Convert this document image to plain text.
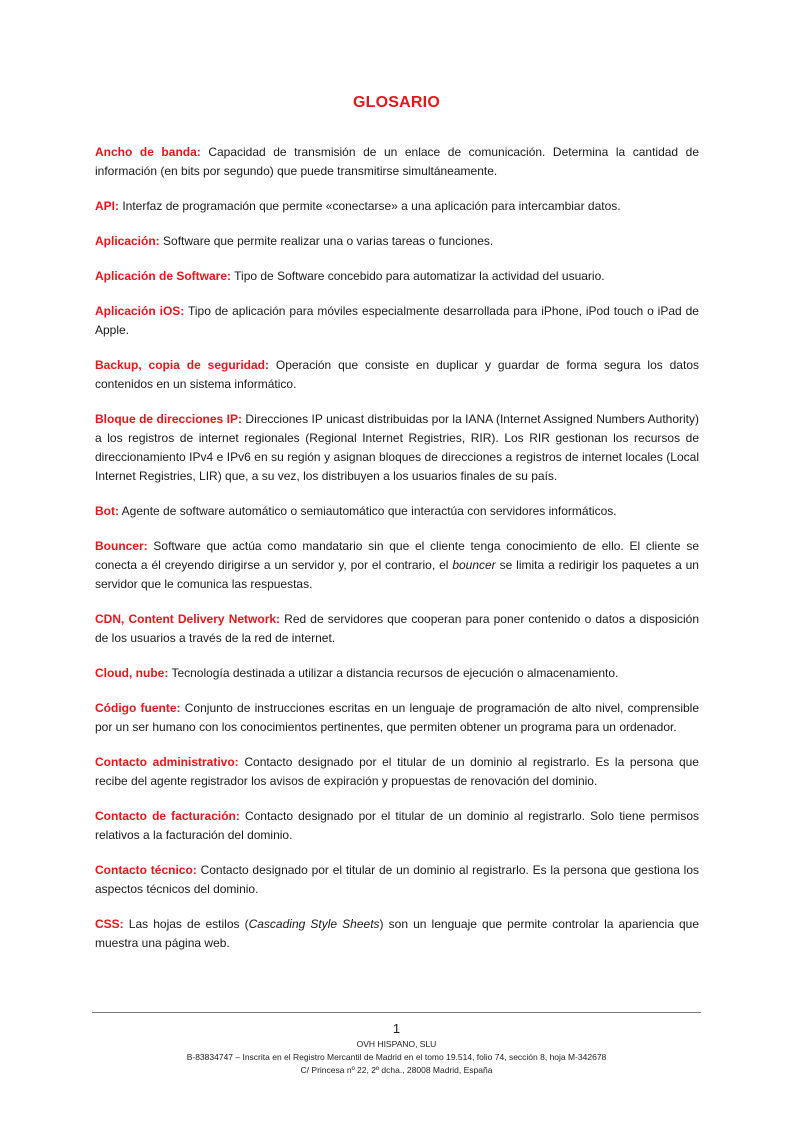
GLOSARIO

Ancho de banda: Capacidad de transmisión de un enlace de comunicación. Determina la cantidad de información (en bits por segundo) que puede transmitirse simultáneamente.

API: Interfaz de programación que permite «conectarse» a una aplicación para intercambiar datos.

Aplicación: Software que permite realizar una o varias tareas o funciones.

Aplicación de Software: Tipo de Software concebido para automatizar la actividad del usuario.

Aplicación iOS: Tipo de aplicación para móviles especialmente desarrollada para iPhone, iPod touch o iPad de Apple.

Backup, copia de seguridad: Operación que consiste en duplicar y guardar de forma segura los datos contenidos en un sistema informático.

Bloque de direcciones IP: Direcciones IP unicast distribuidas por la IANA (Internet Assigned Numbers Authority) a los registros de internet regionales (Regional Internet Registries, RIR). Los RIR gestionan los recursos de direccionamiento IPv4 e IPv6 en su región y asignan bloques de direcciones a registros de internet locales (Local Internet Registries, LIR) que, a su vez, los distribuyen a los usuarios finales de su país.

Bot: Agente de software automático o semiautomático que interactúa con servidores informáticos.

Bouncer: Software que actúa como mandatario sin que el cliente tenga conocimiento de ello. El cliente se conecta a él creyendo dirigirse a un servidor y, por el contrario, el bouncer se limita a redirigir los paquetes a un servidor que le comunica las respuestas.

CDN, Content Delivery Network: Red de servidores que cooperan para poner contenido o datos a disposición de los usuarios a través de la red de internet.

Cloud, nube: Tecnología destinada a utilizar a distancia recursos de ejecución o almacenamiento.

Código fuente: Conjunto de instrucciones escritas en un lenguaje de programación de alto nivel, comprensible por un ser humano con los conocimientos pertinentes, que permiten obtener un programa para un ordenador.

Contacto administrativo: Contacto designado por el titular de un dominio al registrarlo. Es la persona que recibe del agente registrador los avisos de expiración y propuestas de renovación del dominio.

Contacto de facturación: Contacto designado por el titular de un dominio al registrarlo. Solo tiene permisos relativos a la facturación del dominio.

Contacto técnico: Contacto designado por el titular de un dominio al registrarlo. Es la persona que gestiona los aspectos técnicos del dominio.

CSS: Las hojas de estilos (Cascading Style Sheets) son un lenguaje que permite controlar la apariencia que muestra una página web.

1
OVH HISPANO, SLU
B-83834747 – Inscrita en el Registro Mercantil de Madrid en el tomo 19.514, folio 74, sección 8, hoja M-342678
C/ Princesa nº 22, 2º dcha., 28008 Madrid, España
